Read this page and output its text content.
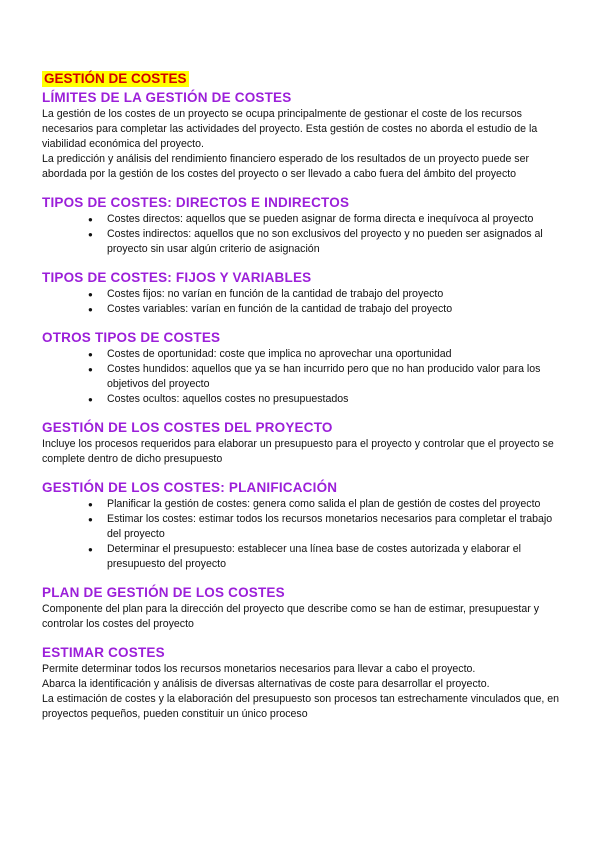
GESTIÓN DE COSTES
LÍMITES DE LA GESTIÓN DE COSTES

La gestión de los costes de un proyecto se ocupa principalmente de gestionar el coste de los recursos necesarios para completar las actividades del proyecto. Esta gestión de costes no aborda el estudio de la viabilidad económica del proyecto.

La predicción y análisis del rendimiento financiero esperado de los resultados de un proyecto puede ser abordada por la gestión de los costes del proyecto o ser llevado a cabo fuera del ámbito del proyecto

TIPOS DE COSTES: DIRECTOS E INDIRECTOS
● Costes directos: aquellos que se pueden asignar de forma directa e inequívoca al proyecto
● Costes indirectos: aquellos que no son exclusivos del proyecto y no pueden ser asignados al proyecto sin usar algún criterio de asignación
TIPOS DE COSTES: FIJOS Y VARIABLES
● Costes fijos: no varían en función de la cantidad de trabajo del proyecto
● Costes variables: varían en función de la cantidad de trabajo del proyecto
OTROS TIPOS DE COSTES
● Costes de oportunidad: coste que implica no aprovechar una oportunidad
● Costes hundidos: aquellos que ya se han incurrido pero que no han producido valor para los objetivos del proyecto
● Costes ocultos: aquellos costes no presupuestados
GESTIÓN DE LOS COSTES DEL PROYECTO

Incluye los procesos requeridos para elaborar un presupuesto para el proyecto y controlar que el proyecto se complete dentro de dicho presupuesto

GESTIÓN DE LOS COSTES: PLANIFICACIÓN
● Planificar la gestión de costes: genera como salida el plan de gestión de costes del proyecto
● Estimar los costes: estimar todos los recursos monetarios necesarios para completar el trabajo del proyecto
● Determinar el presupuesto: establecer una línea base de costes autorizada y elaborar el presupuesto del proyecto
PLAN DE GESTIÓN DE LOS COSTES

Componente del plan para la dirección del proyecto que describe como se han de estimar, presupuestar y controlar los costes del proyecto

ESTIMAR COSTES

Permite determinar todos los recursos monetarios necesarios para llevar a cabo el proyecto.

Abarca la identificación y análisis de diversas alternativas de coste para desarrollar el proyecto.

La estimación de costes y la elaboración del presupuesto son procesos tan estrechamente vinculados que, en proyectos pequeños, pueden constituir un único proceso
